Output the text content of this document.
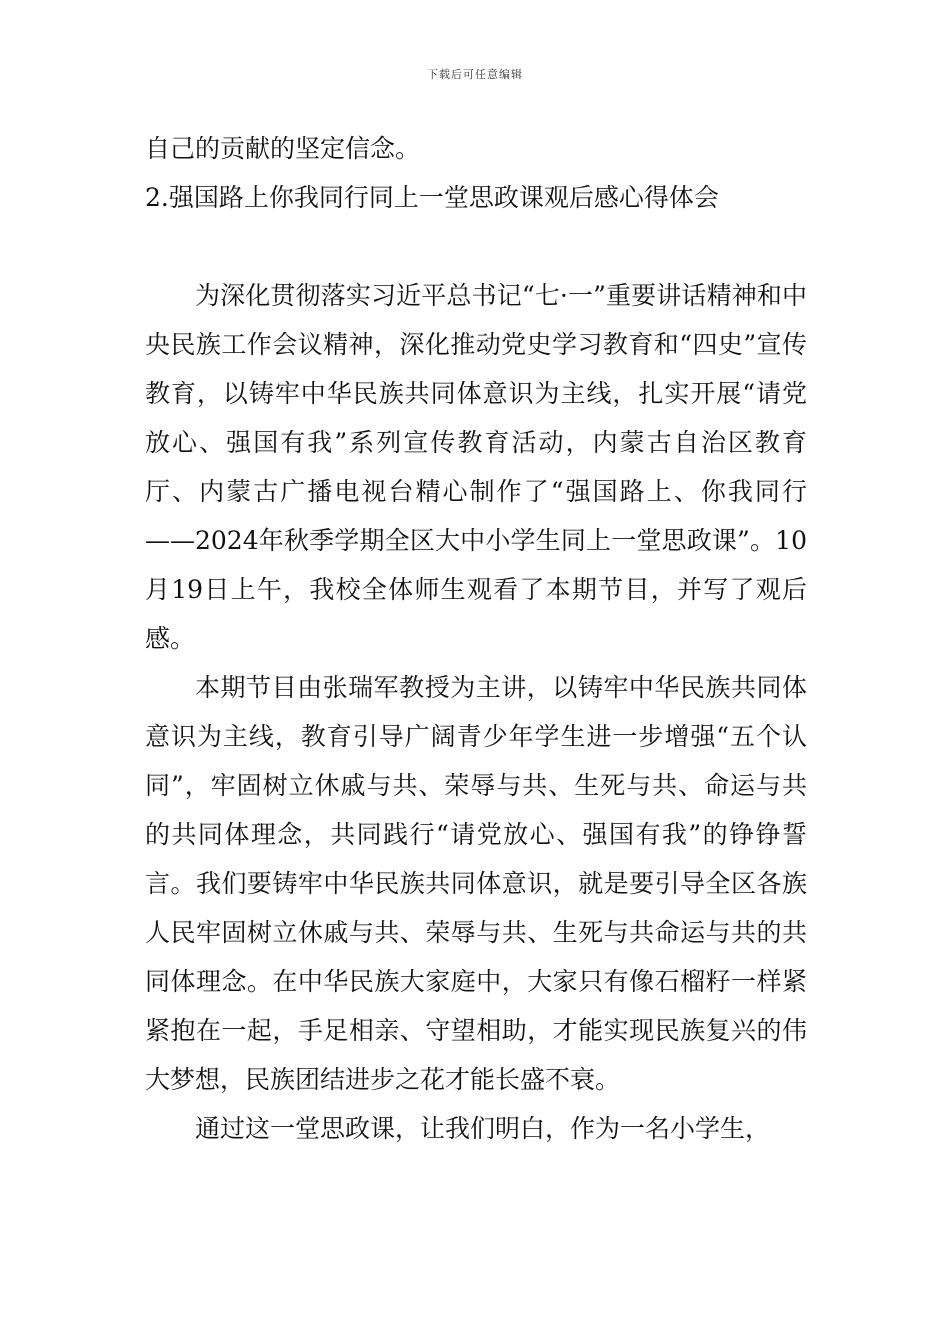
下载后可任意编辑

自己的贡献的坚定信念。

2.强国路上你我同行同上一堂思政课观后感心得体会

为深化贯彻落实习近平总书记“七·一”重要讲话精神和中央民族工作会议精神，深化推动党史学习教育和“四史”宣传教育，以铸牢中华民族共同体意识为主线，扎实开展“请党放心、强国有我”系列宣传教育活动，内蒙古自治区教育厅、内蒙古广播电视台精心制作了“强国路上、你我同行——2024年秋季学期全区大中小学生同上一堂思政课”。10月19日上午，我校全体师生观看了本期节目，并写了观后感。

本期节目由张瑞军教授为主讲，以铸牢中华民族共同体意识为主线，教育引导广阔青少年学生进一步增强“五个认同”，牢固树立休戚与共、荣辱与共、生死与共、命运与共的共同体理念，共同践行“请党放心、强国有我”的铮铮誓言。我们要铸牢中华民族共同体意识，就是要引导全区各族人民牢固树立休戚与共、荣辱与共、生死与共命运与共的共同体理念。在中华民族大家庭中，大家只有像石榴籽一样紧紧抱在一起，手足相亲、守望相助，才能实现民族复兴的伟大梦想，民族团结进步之花才能长盛不衰。

通过这一堂思政课，让我们明白，作为一名小学生，
